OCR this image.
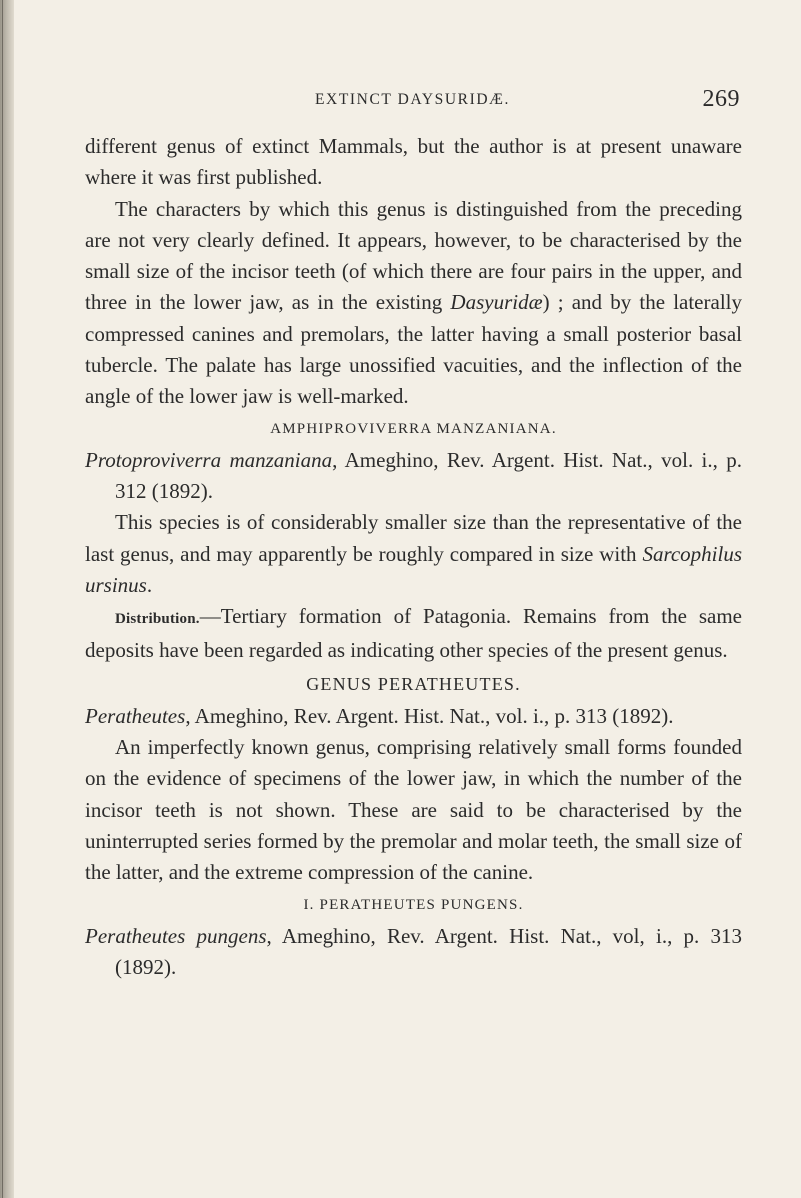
EXTINCT DAYSURIDÆ.	269

different genus of extinct Mammals, but the author is at present unaware where it was first published.

The characters by which this genus is distinguished from the preceding are not very clearly defined. It appears, however, to be characterised by the small size of the incisor teeth (of which there are four pairs in the upper, and three in the lower jaw, as in the existing Dasyuridæ) ; and by the laterally compressed canines and premolars, the latter having a small posterior basal tubercle. The palate has large unossified vacuities, and the inflection of the angle of the lower jaw is well-marked.

AMPHIPROVIVERRA MANZANIANA.

Protoproviverra manzaniana, Ameghino, Rev. Argent. Hist. Nat., vol. i., p. 312 (1892).

This species is of considerably smaller size than the representative of the last genus, and may apparently be roughly compared in size with Sarcophilus ursinus.

Distribution.—Tertiary formation of Patagonia. Remains from the same deposits have been regarded as indicating other species of the present genus.

GENUS PERATHEUTES.

Peratheutes, Ameghino, Rev. Argent. Hist. Nat., vol. i., p. 313 (1892).

An imperfectly known genus, comprising relatively small forms founded on the evidence of specimens of the lower jaw, in which the number of the incisor teeth is not shown. These are said to be characterised by the uninterrupted series formed by the premolar and molar teeth, the small size of the latter, and the extreme compression of the canine.

I. PERATHEUTES PUNGENS.

Peratheutes pungens, Ameghino, Rev. Argent. Hist. Nat., vol, i., p. 313 (1892).
